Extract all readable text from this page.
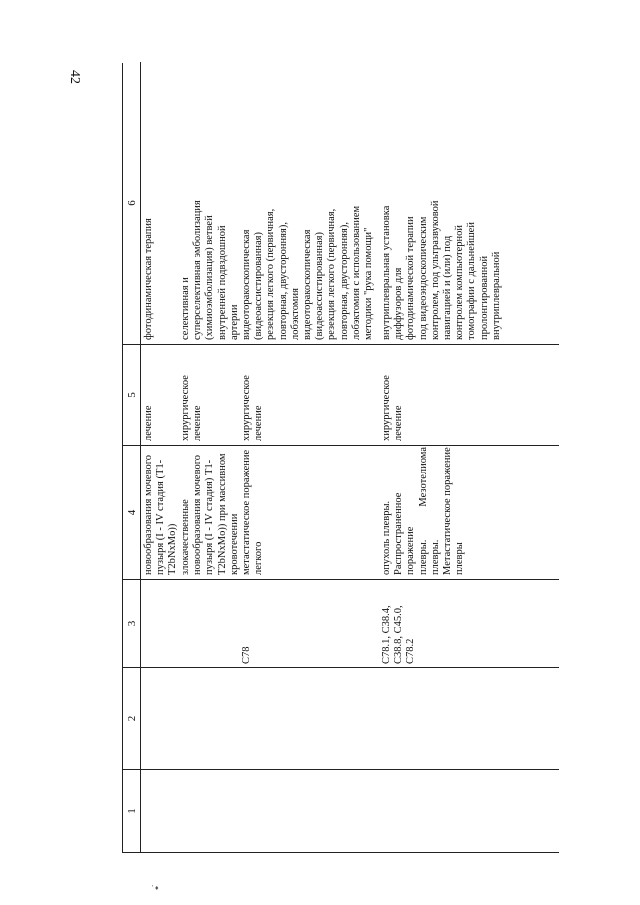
42
1
2
3
4
5
6
новообразования мочевого
пузыря (I - IV стадия (Т1-
Т2bNxMo))
лечение
фотодинамическая терапия
злокачественные
новообразования мочевого
пузыря (I - IV стадия) Т1-
Т2bNxMo)) при массивном
кровотечении
хирургическое
лечение
селективная и
суперселективная эмболизация
(химиоэмболизация) ветвей
внутренней подвздошной
артерии
С78
метастатическое поражение
легкого
хирургическое
лечение
видеоторакоскопическая
(видеоассистированная)
резекция легкого (первичная,
повторная, двусторонняя),
лобэктомия
видеоторакоскопическая
(видеоассистированная)
резекция легкого (первичная,
повторная, двусторонняя),
лобэктомия с использованием
методики "рука помощи"
С78.1, С38.4,
С38.8, С45.0,
С78.2
опухоль плевры.
Распространенное поражение
плевры. Мезотелиома плевры.
Метастатическое поражение
плевры
хирургическое
лечение
внутриплевральная установка
диффузоров для
фотодинамической терапии
под видеоэндоскопическим
контролем, под ультразвуковой
навигацией и (или) под
контролем компьютерной
томографии с дальнейшей
пролонгированной
внутриплевральной
' ♦
